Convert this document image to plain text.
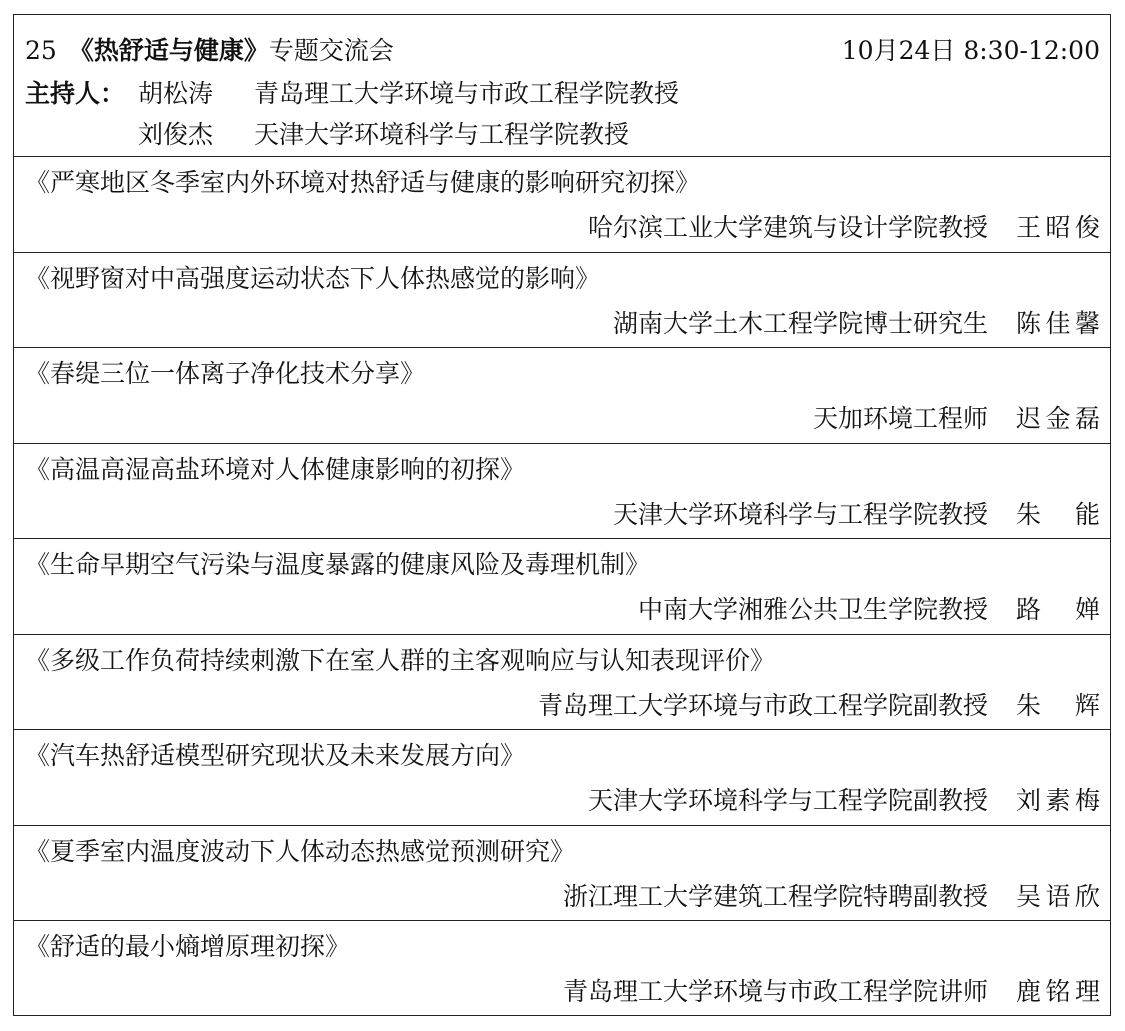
25 《热舒适与健康》专题交流会	10月24日 8:30-12:00
主持人： 胡松涛 青岛理工大学环境与市政工程学院教授
刘俊杰 天津大学环境科学与工程学院教授
《严寒地区冬季室内外环境对热舒适与健康的影响研究初探》
哈尔滨工业大学建筑与设计学院教授 王昭俊
《视野窗对中高强度运动状态下人体热感觉的影响》
湖南大学土木工程学院博士研究生 陈佳馨
《春缇三位一体离子净化技术分享》
天加环境工程师 迟金磊
《高温高湿高盐环境对人体健康影响的初探》
天津大学环境科学与工程学院教授 朱能
《生命早期空气污染与温度暴露的健康风险及毒理机制》
中南大学湘雅公共卫生学院教授 路婵
《多级工作负荷持续刺激下在室人群的主客观响应与认知表现评价》
青岛理工大学环境与市政工程学院副教授 朱辉
《汽车热舒适模型研究现状及未来发展方向》
天津大学环境科学与工程学院副教授 刘素梅
《夏季室内温度波动下人体动态热感觉预测研究》
浙江理工大学建筑工程学院特聘副教授 吴语欣
《舒适的最小熵增原理初探》
青岛理工大学环境与市政工程学院讲师 鹿铭理
